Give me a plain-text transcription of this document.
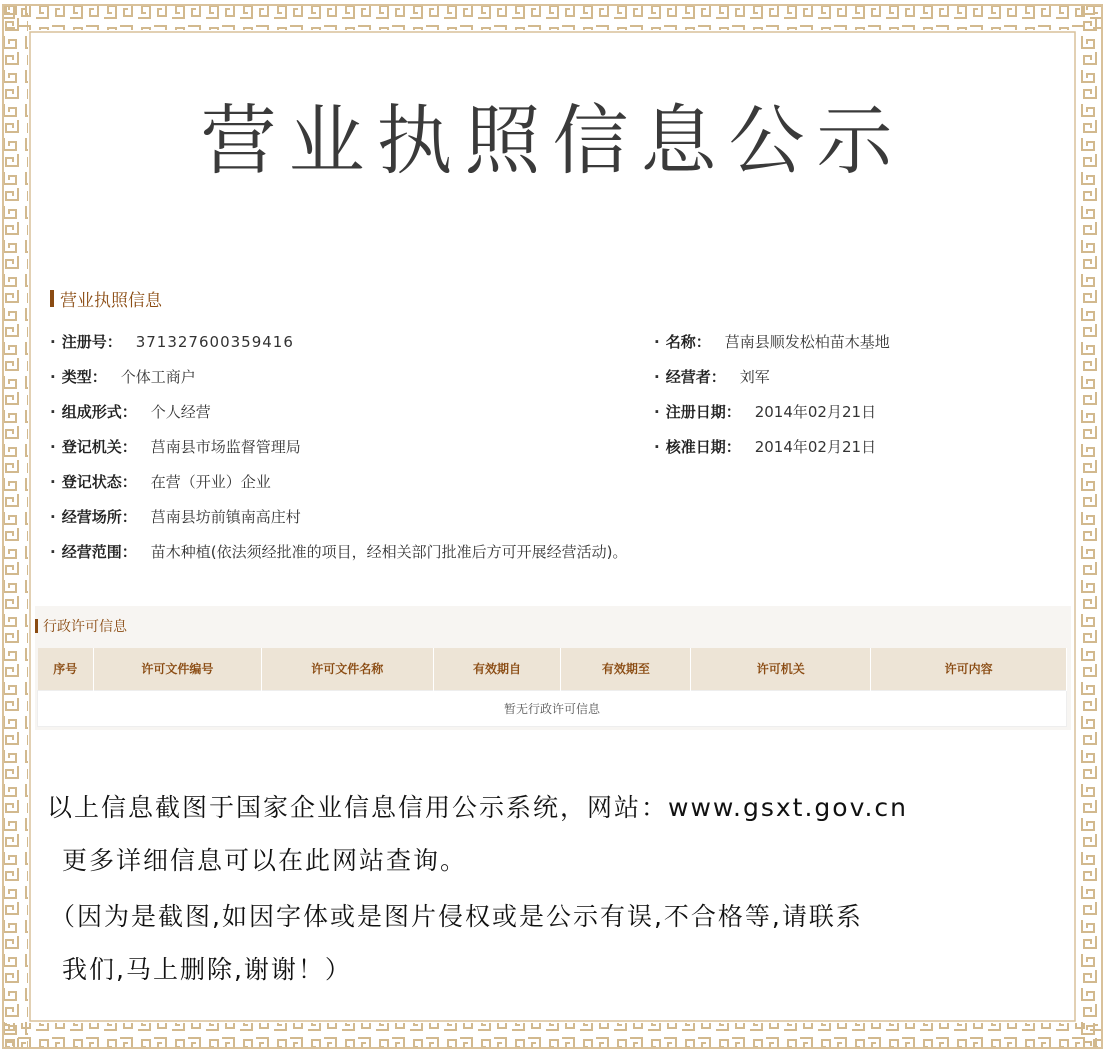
营业执照信息公示
营业执照信息
· 注册号： 371327600359416
· 类型： 个体工商户
· 组成形式： 个人经营
· 登记机关： 莒南县市场监督管理局
· 登记状态： 在营（开业）企业
· 经营场所： 莒南县坊前镇南高庄村
· 经营范围： 苗木种植(依法须经批准的项目，经相关部门批准后方可开展经营活动)。
· 名称： 莒南县顺发松柏苗木基地
· 经营者： 刘军
· 注册日期： 2014年02月21日
· 核准日期： 2014年02月21日
行政许可信息
序号	许可文件编号	许可文件名称	有效期自	有效期至	许可机关	许可内容
暂无行政许可信息
以上信息截图于国家企业信息信用公示系统，网站：www.gsxt.gov.cn
更多详细信息可以在此网站查询。
（因为是截图,如因字体或是图片侵权或是公示有误,不合格等,请联系
我们,马上删除,谢谢！）
